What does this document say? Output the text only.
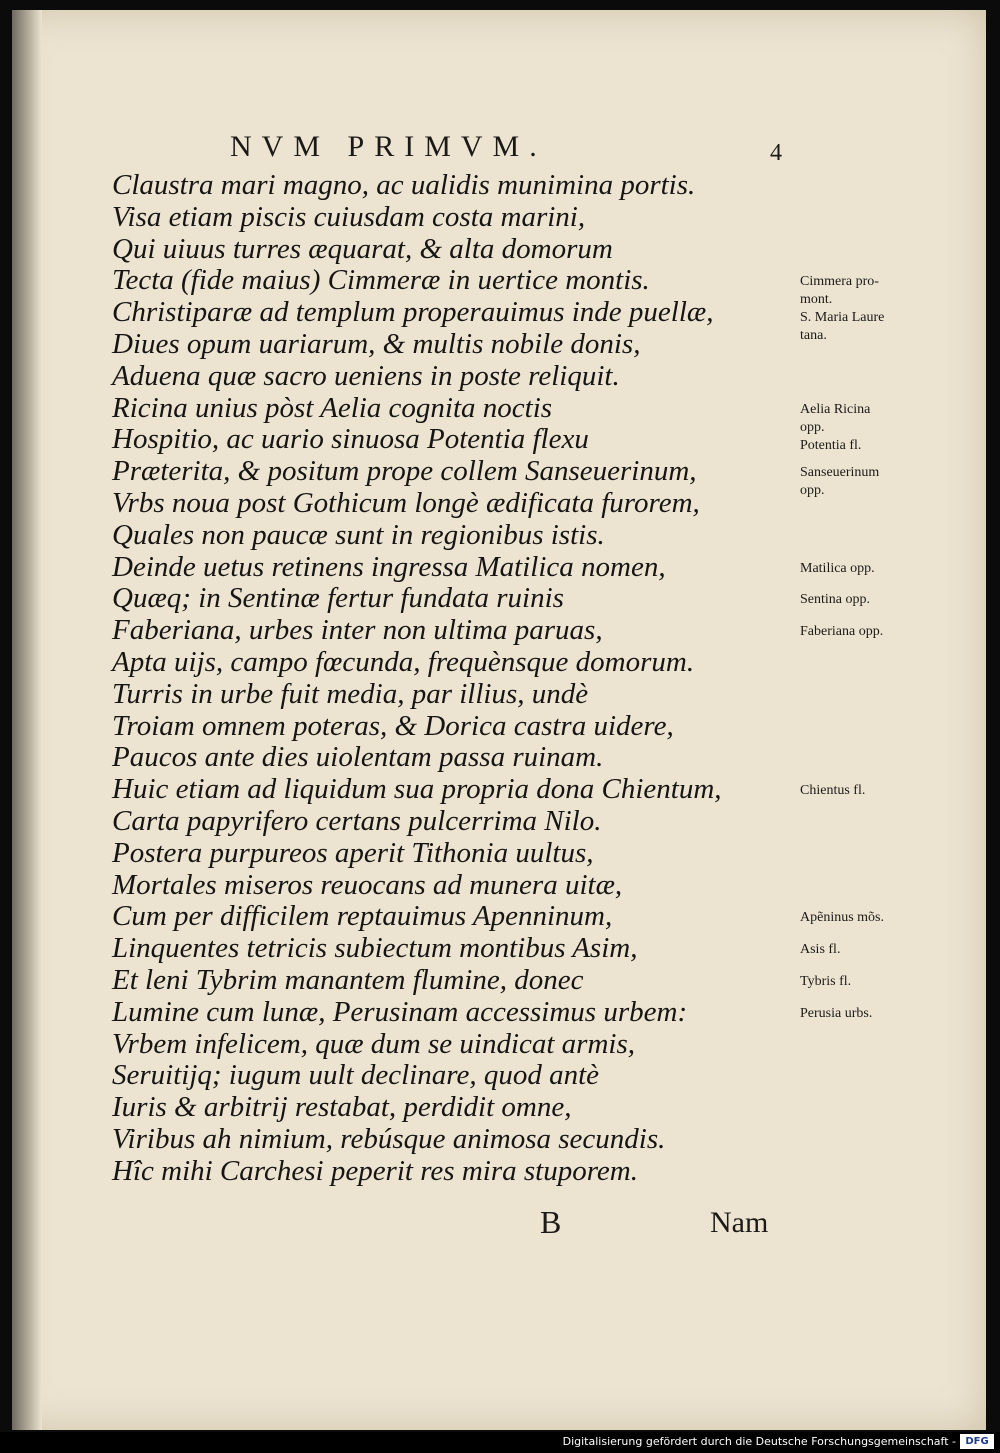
NVM PRIMVM.	4
Claustra mari magno, ac ualidis munimina portis.
Visa etiam piscis cuiusdam costa marini,
Qui uiuus turres æquarat, & alta domorum
Tecta (fide maius) Cimmeræ in uertice montis.
Christiparæ ad templum properauimus inde puellæ,
Diues opum uariarum, & multis nobile donis,
Aduena quæ sacro ueniens in poste reliquit.
Ricina unius pòst Aelia cognita noctis
Hospitio, ac uario sinuosa Potentia flexu
Præterita, & positum prope collem Sanseuerinum,
Vrbs noua post Gothicum longè ædificata furorem,
Quales non paucæ sunt in regionibus istis.
Deinde uetus retinens ingressa Matilica nomen,
Quæq; in Sentinæ fertur fundata ruinis
Faberiana, urbes inter non ultima paruas,
Apta uijs, campo fœcunda, frequènsque domorum.
Turris in urbe fuit media, par illius, undè
Troiam omnem poteras, & Dorica castra uidere,
Paucos ante dies uiolentam passa ruinam.
Huic etiam ad liquidum sua propria dona Chientum,
Carta papyrifero certans pulcerrima Nilo.
Postera purpureos aperit Tithonia uultus,
Mortales miseros reuocans ad munera uitæ,
Cum per difficilem reptauimus Apenninum,
Linquentes tetricis subiectum montibus Asim,
Et leni Tybrim manantem flumine, donec
Lumine cum lunæ, Perusinam accessimus urbem:
Vrbem infelicem, quæ dum se uindicat armis,
Seruitijq; iugum uult declinare, quod antè
Iuris & arbitrij restabat, perdidit omne,
Viribus ah nimium, rebúsque animosa secundis.
Hîc mihi Carchesi peperit res mira stuporem.
Cimmera pro-
mont.
S. Maria Laure
tana.
Aelia Ricina
opp.
Potentia fl.
Sanseuerinum
opp.
Matilica opp.
Sentina opp.
Faberiana opp.
Chientus fl.
Apẽninus mõs.
Asis fl.
Tybris fl.
Perusia urbs.
B	Nam
Digitalisierung gefördert durch die Deutsche Forschungsgemeinschaft - DFG
